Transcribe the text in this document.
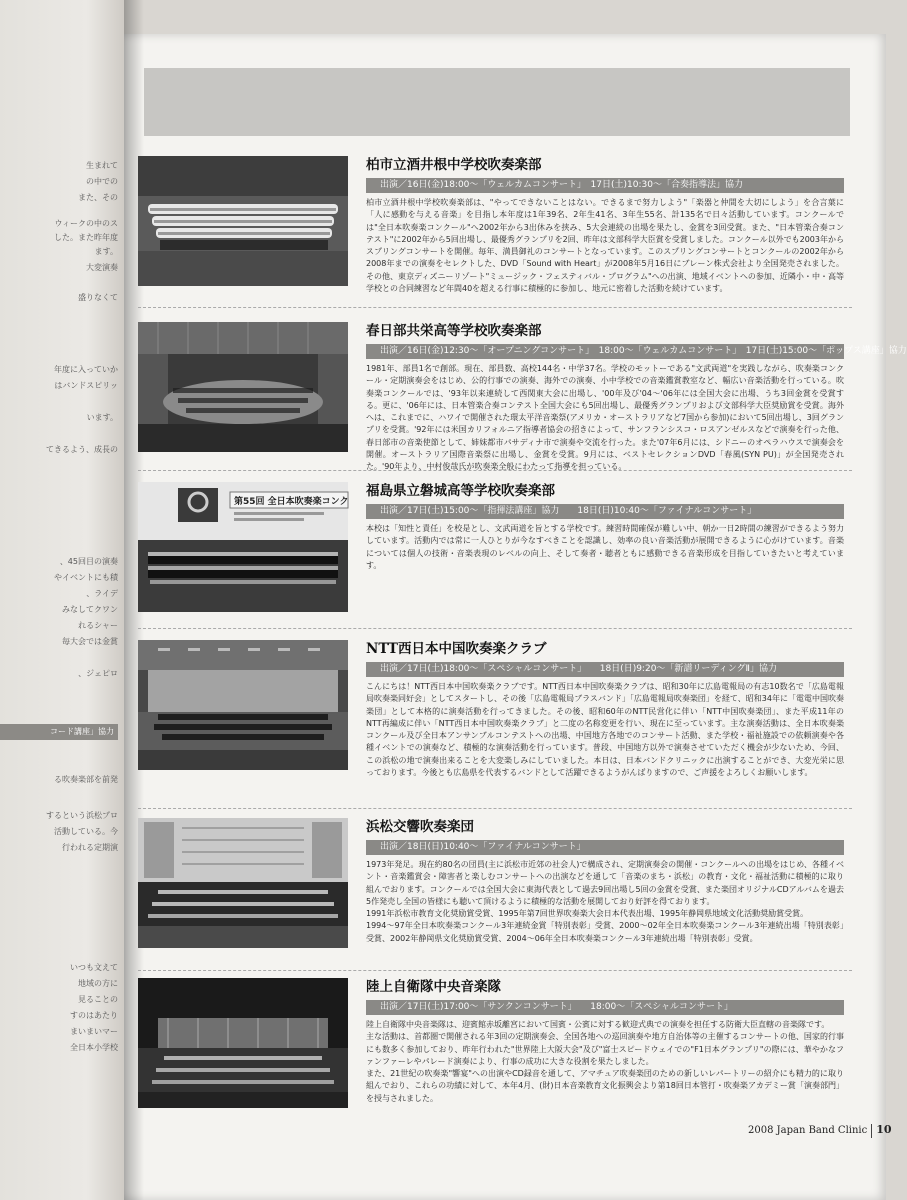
生まれて
の中での
また、その
ウィークの中のス
した。また昨年度
ます。
大変演奏
盛りなくて
年度に入っていか
はバンドスピリッ
います。
てきるよう、成長の
、45回目の演奏
やイベントにも積
、ライデ
みなしてクワン
れるシャー
毎大会では金賞
、ジェピロ
コード講座」協力
る吹奏楽部を前発
するという浜松プロ
活動している。今
行われる定期演
いつも文えて
地域の方に
見ることの
すのはあたり
まいまいマー
全日本小学校
柏市立酒井根中学校吹奏楽部
出演／16日(金)18:00〜「ウェルカムコンサート」　17日(土)10:30〜「合奏指導法」協力
柏市立酒井根中学校吹奏楽部は、"やってできないことはない。できるまで努力しよう"「楽器と仲間を大切にしよう」を合言葉に「人に感動を与える音楽」を目指し本年度は1年39名、2年生41名、3年生55名、計135名で日々活動しています。コンクールでは"全日本吹奏楽コンクール"へ2002年から3出休みを挟み、5大会連続の出場を果たし、金賞を3回受賞。また、"日本管楽合奏コンテスト"に2002年から5回出場し、最優秀グランプリを2回、昨年は文部科学大臣賞を受賞しました。コンクール以外でも2003年からスプリングコンサートを開催。毎年、満員御礼のコンサートとなっています。このスプリングコンサートとコンクールの2002年から2008年までの演奏をセレクトした、DVD「Sound with Heart」が2008年5月16日にブレーン株式会社より全国発売されました。その他、東京ディズニーリゾート"ミュージック・フェスティバル・プログラム"への出演、地域イベントへの参加、近隣小・中・高等学校との合同練習など年間40を超える行事に積極的に参加し、地元に密着した活動を続けています。
春日部共栄高等学校吹奏楽部
出演／16日(金)12:30〜「オープニングコンサート」　18:00〜「ウェルカムコンサート」　17日(土)15:00〜「ポップス講座」協力
1981年、部員1名で創部。現在、部員数、高校144名・中学37名。学校のモットーである"文武両道"を実践しながら、吹奏楽コンクール・定期演奏会をはじめ、公的行事での演奏、海外での演奏、小中学校での音楽鑑賞教室など、幅広い音楽活動を行っている。吹奏楽コンクールでは、'93年以来連続して西関東大会に出場し、'00年及び'04〜'06年には全国大会に出場、うち3回金賞を受賞する。更に、'06年には、日本管楽合奏コンテスト全国大会にも5回出場し、最優秀グランプリおよび文部科学大臣奨励賞を受賞。海外へは、これまでに、ハワイで開催された環太平洋音楽祭(アメリカ・オーストラリアなど7国から参加)において5回出場し、3回グランプリを受賞。'92年には米国カリフォルニア指導者協会の招きによって、サンフランシスコ・ロスアンゼルスなどで演奏を行った他、春日部市の音楽使節として、姉妹都市パサディナ市で演奏や交流を行った。また'07年6月には、シドニーのオペラハウスで演奏会を開催。オーストラリア国際音楽祭に出場し、金賞を受賞。9月には、ベストセレクションDVD「春風(SYN PU)」が全国発売された。'90年より、中村俊哉氏が吹奏楽全般にわたって指導を担っている。
第55回 全日本吹奏楽コンク
福島県立磐城高等学校吹奏楽部
出演／17日(土)15:00〜「指揮法講座」協力　　18日(日)10:40〜「ファイナルコンサート」
本校は「知性と責任」を校是とし、文武両道を旨とする学校です。練習時間確保が難しい中、朝か一日2時間の練習ができるよう努力しています。活動内では常に一人ひとりが今なすべきことを認識し、効率の良い音楽活動が展開できるように心がけています。音楽については個人の技術・音楽表現のレベルの向上、そして奏者・聴者ともに感動できる音楽形成を目指していきたいと考えています。
NTT西日本中国吹奏楽クラブ
出演／17日(土)18:00〜「スペシャルコンサート」　　18日(日)9:20〜「新譜リーディングⅡ」協力
こんにちは！NTT西日本中国吹奏楽クラブです。NTT西日本中国吹奏楽クラブは、昭和30年に広島電報局の有志10数名で「広島電報局吹奏楽同好会」としてスタートし、その後「広島電報局ブラスバンド」「広島電報局吹奏楽団」を経て、昭和34年に「電電中国吹奏楽団」として本格的に演奏活動を行ってきました。その後、昭和60年のNTT民営化に伴い「NTT中国吹奏楽団」、また平成11年のNTT再編成に伴い「NTT西日本中国吹奏楽クラブ」と二度の名称変更を行い、現在に至っています。主な演奏活動は、全日本吹奏楽コンクール及び全日本アンサンブルコンテストへの出場、中国地方各地でのコンサート活動、また学校・福祉施設での依頼演奏や各種イベントでの演奏など、積極的な演奏活動を行っています。普段、中国地方以外で演奏させていただく機会が少ないため、今回、この浜松の地で演奏出来ることを大変楽しみにしていました。本日は、日本バンドクリニックに出演することができ、大変光栄に思っております。今後とも広島県を代表するバンドとして活躍できるようがんばりますので、ご声援をよろしくお願いします。
浜松交響吹奏楽団
出演／18日(日)10:40〜「ファイナルコンサート」
1973年発足。現在約80名の団員(主に浜松市近郊の社会人)で構成され、定期演奏会の開催・コンクールへの出場をはじめ、各種イベント・音楽鑑賞会・障害者と楽しむコンサートへの出演などを通して「音楽のまち・浜松」の教育・文化・福祉活動に積極的に取り組んでおります。コンクールでは全国大会に東海代表として過去9回出場し5回の金賞を受賞、また楽団オリジナルCDアルバムを過去5作発売し全国の皆様にも聴いて頂けるように積極的な活動を展開しており好評を得ております。
1991年浜松市教育文化奨励賞受賞、1995年第7回世界吹奏楽大会日本代表出場、1995年静岡県地域文化活動奨励賞受賞。
1994〜97年全日本吹奏楽コンクール3年連続金賞「特別表彰」受賞、2000〜02年全日本吹奏楽コンクール3年連続出場「特別表彰」受賞、2002年静岡県文化奨励賞受賞、2004〜06年全日本吹奏楽コンクール3年連続出場「特別表彰」受賞。
陸上自衛隊中央音楽隊
出演／17日(土)17:00〜「サンクンコンサート」　　18:00〜「スペシャルコンサート」
陸上自衛隊中央音楽隊は、迎賓館赤坂離宮において国賓・公賓に対する歓迎式典での演奏を担任する防衛大臣直轄の音楽隊です。
主な活動は、首都圏で開催される年3回の定期演奏会、全国各地への巡回演奏や地方自治体等の主催するコンサートの他、国家的行事にも数多く参加しており、昨年行われた"世界陸上大阪大会"及び"富士スピードウェイでの"F1日本グランプリ"の際には、華やかなファンファーレやパレード演奏により、行事の成功に大きな役割を果たしました。
また、21世紀の吹奏楽"響宴"への出演やCD録音を通して、アマチュア吹奏楽団のための新しいレパートリーの紹介にも精力的に取り組んでおり、これらの功績に対して、本年4月、(財)日本音楽教育文化振興会より第18回日本管打・吹奏楽アカデミー賞「演奏部門」を授与されました。
2008 Japan Band Clinic 10
